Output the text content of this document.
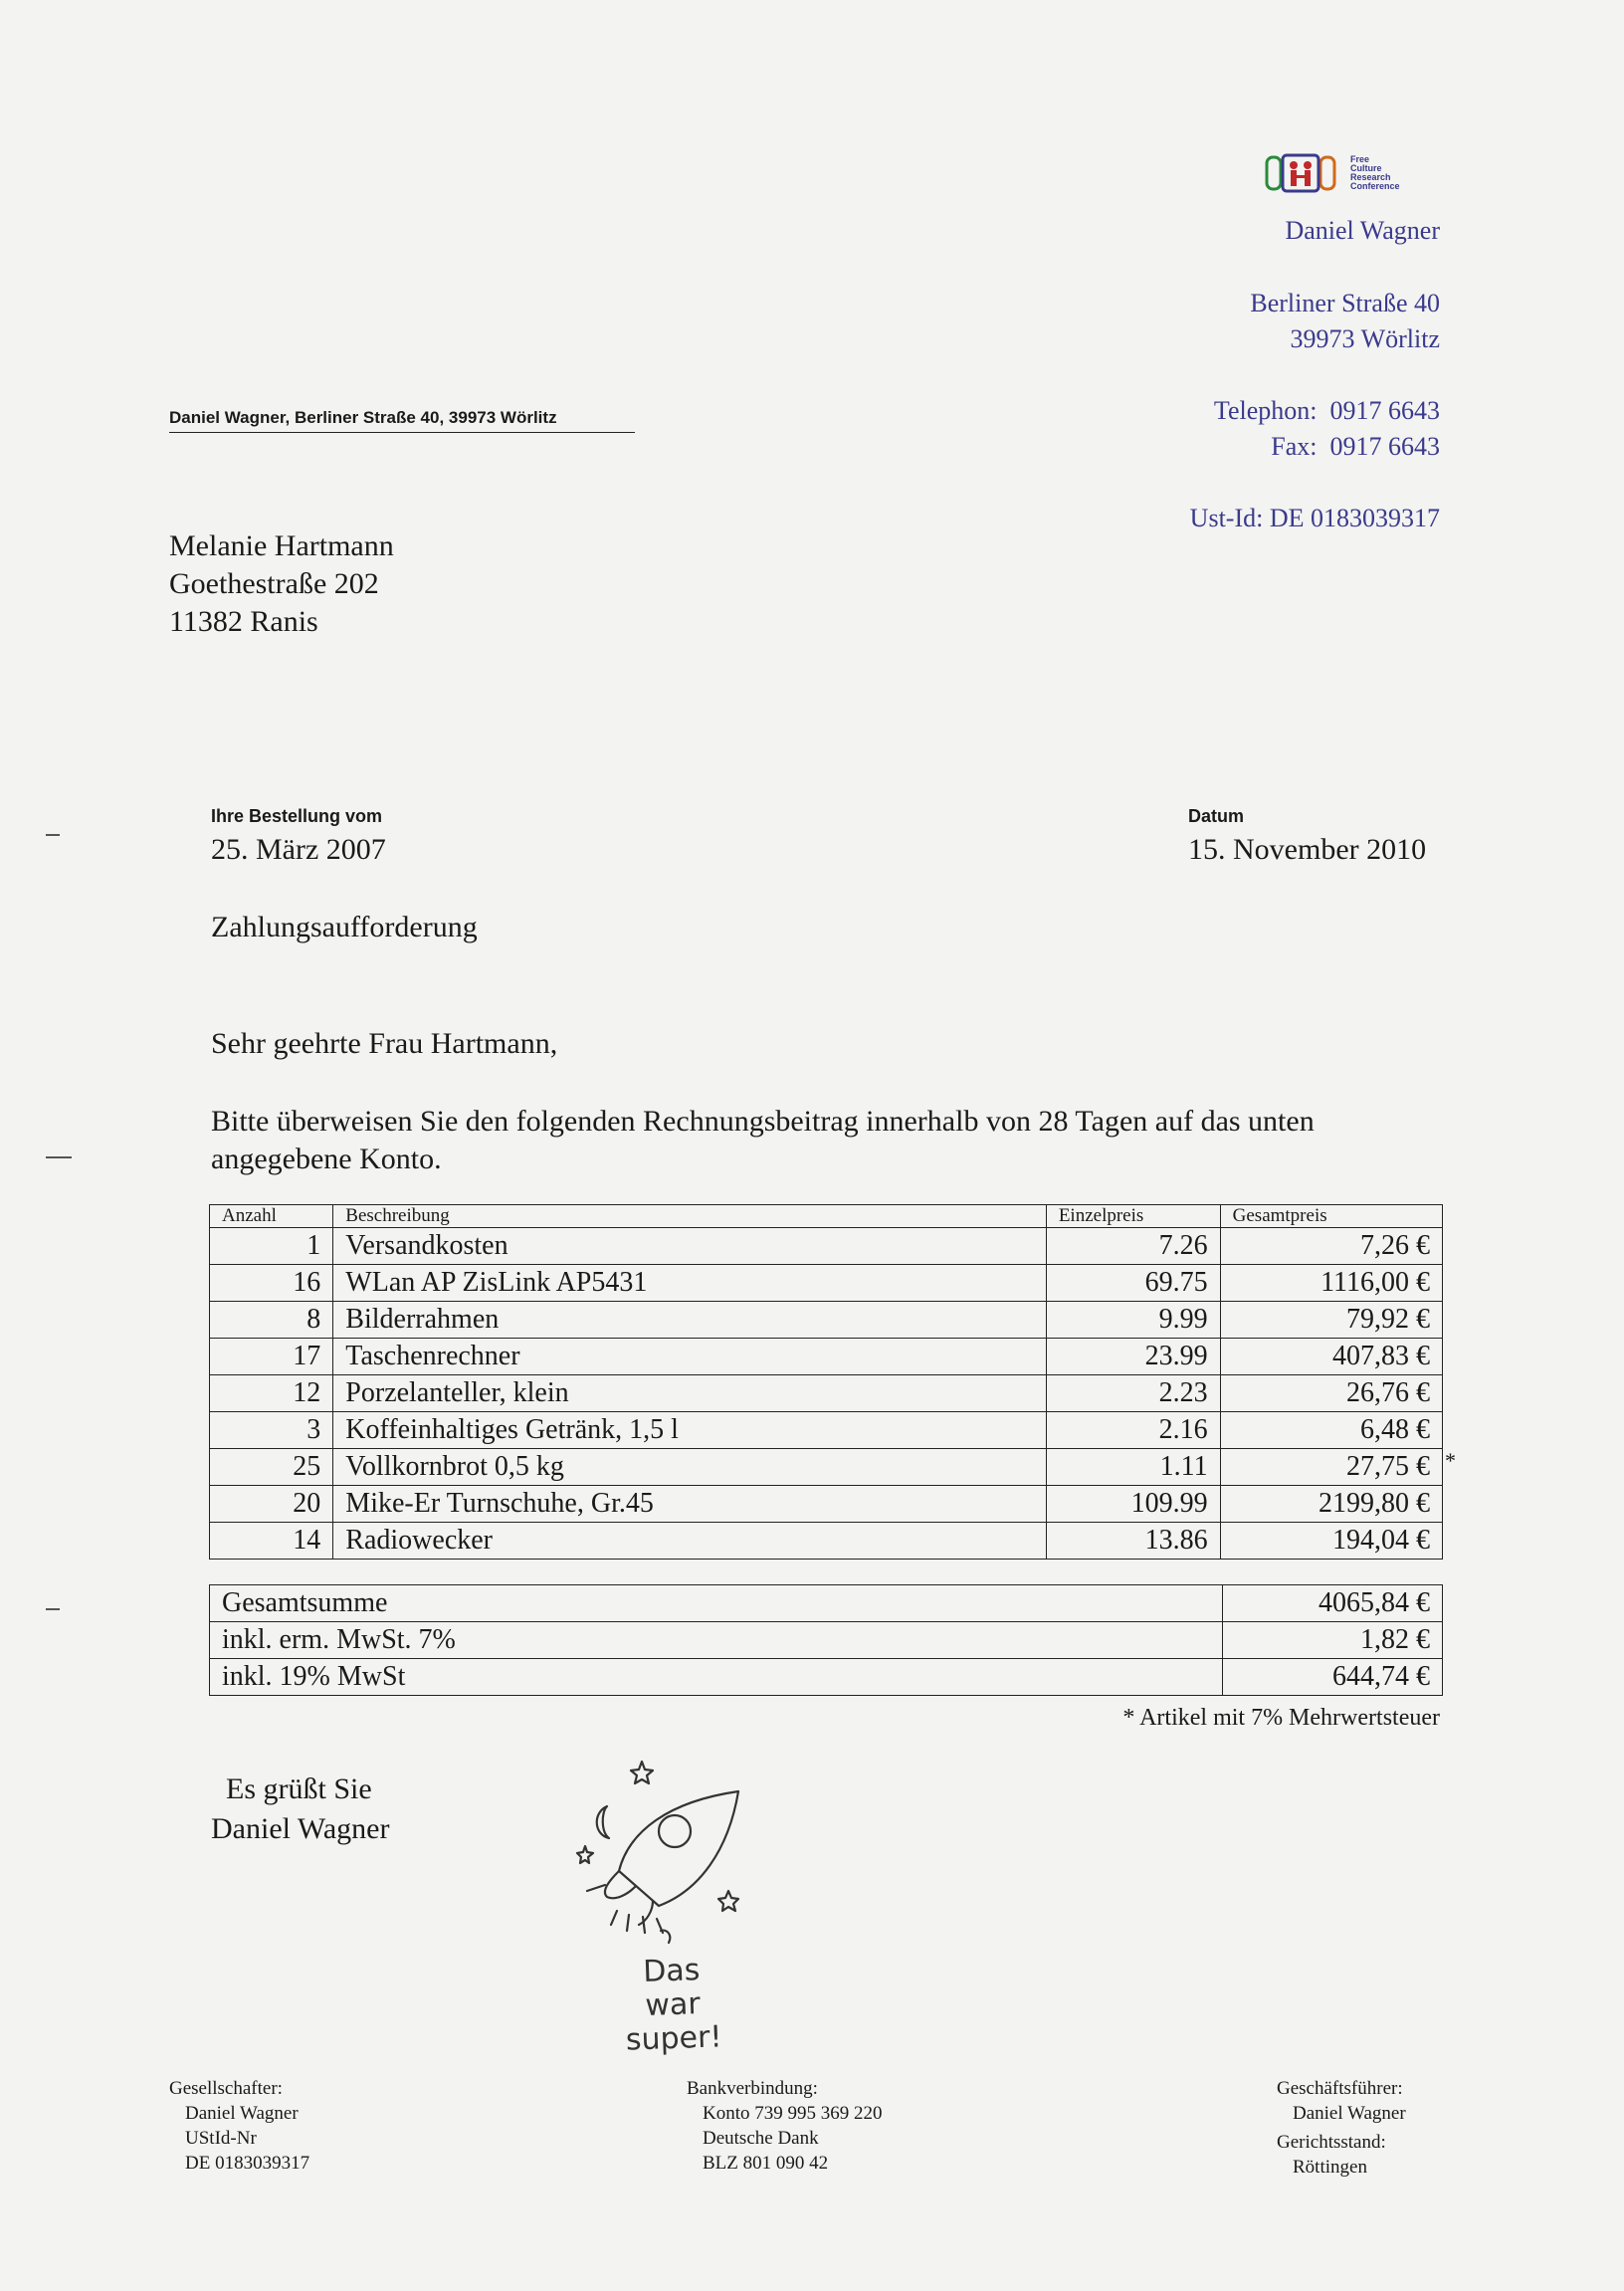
Free
Culture
Research
Conference
Daniel Wagner
Berliner Straße 40
39973 Wörlitz
Telephon: 0917 6643
Fax: 0917 6643
Ust-Id: DE 0183039317
Daniel Wagner, Berliner Straße 40, 39973 Wörlitz
Melanie Hartmann
Goethestraße 202
11382 Ranis
Ihre Bestellung vom
25. März 2007
Datum
15. November 2010
Zahlungsaufforderung
Sehr geehrte Frau Hartmann,
Bitte überweisen Sie den folgenden Rechnungsbeitrag innerhalb von 28 Tagen auf das unten angegebene Konto.
Anzahl	Beschreibung	Einzelpreis	Gesamtpreis
1	Versandkosten	7.26	7,26 €
16	WLan AP ZisLink AP5431	69.75	1116,00 €
8	Bilderrahmen	9.99	79,92 €
17	Taschenrechner	23.99	407,83 €
12	Porzelanteller, klein	2.23	26,76 €
3	Koffeinhaltiges Getränk, 1,5 l	2.16	6,48 €
25	Vollkornbrot 0,5 kg	1.11	27,75 € *

20	Mike-Er Turnschuhe, Gr.45	109.99	2199,80 €
14	Radiowecker	13.86	194,04 €
Gesamtsumme	4065,84 €
inkl. erm. MwSt. 7%	1,82 €
inkl. 19% MwSt	644,74 €
* Artikel mit 7% Mehrwertsteuer
Es grüßt Sie
Daniel Wagner
Das war
super!
Gesellschafter:
Daniel Wagner
UStId-Nr
DE 0183039317
Bankverbindung:
Konto 739 995 369 220
Deutsche Dank
BLZ 801 090 42
Geschäftsführer:
Daniel Wagner
Gerichtsstand:
Röttingen
